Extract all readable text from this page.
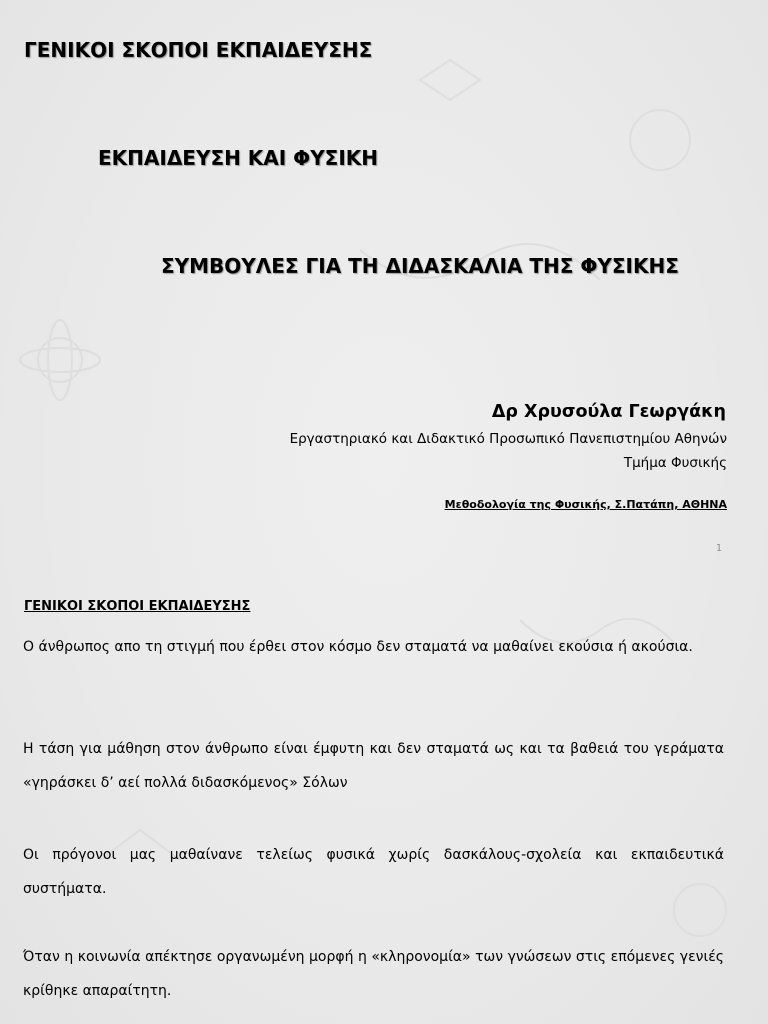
ΓΕΝΙΚΟΙ ΣΚΟΠΟΙ ΕΚΠΑΙΔΕΥΣΗΣ
ΕΚΠΑΙΔΕΥΣΗ ΚΑΙ ΦΥΣΙΚΗ
ΣΥΜΒΟΥΛΕΣ ΓΙΑ ΤΗ ΔΙΔΑΣΚΑΛΙΑ ΤΗΣ ΦΥΣΙΚΗΣ
Δρ Χρυσούλα Γεωργάκη
Εργαστηριακό και Διδακτικό Προσωπικό Πανεπιστημίου Αθηνών
Τμήμα Φυσικής
Μεθοδολογία της Φυσικής, Σ.Πατάπη, ΑΘΗΝΑ
1
ΓΕΝΙΚΟΙ ΣΚΟΠΟΙ ΕΚΠΑΙΔΕΥΣΗΣ
Ο άνθρωπος απο τη στιγμή που έρθει στον κόσμο δεν σταματά να μαθαίνει εκούσια ή ακούσια.
Η τάση για μάθηση στον άνθρωπο είναι έμφυτη και δεν σταματά ως και τα βαθειά του γεράματα «γηράσκει δ’ αεί πολλά διδασκόμενος» Σόλων
Οι πρόγονοι μας μαθαίνανε τελείως φυσικά χωρίς δασκάλους-σχολεία και εκπαιδευτικά συστήματα.
Όταν η κοινωνία απέκτησε οργανωμένη μορφή η «κληρονομία» των γνώσεων στις επόμενες γενιές κρίθηκε απαραίτητη.
